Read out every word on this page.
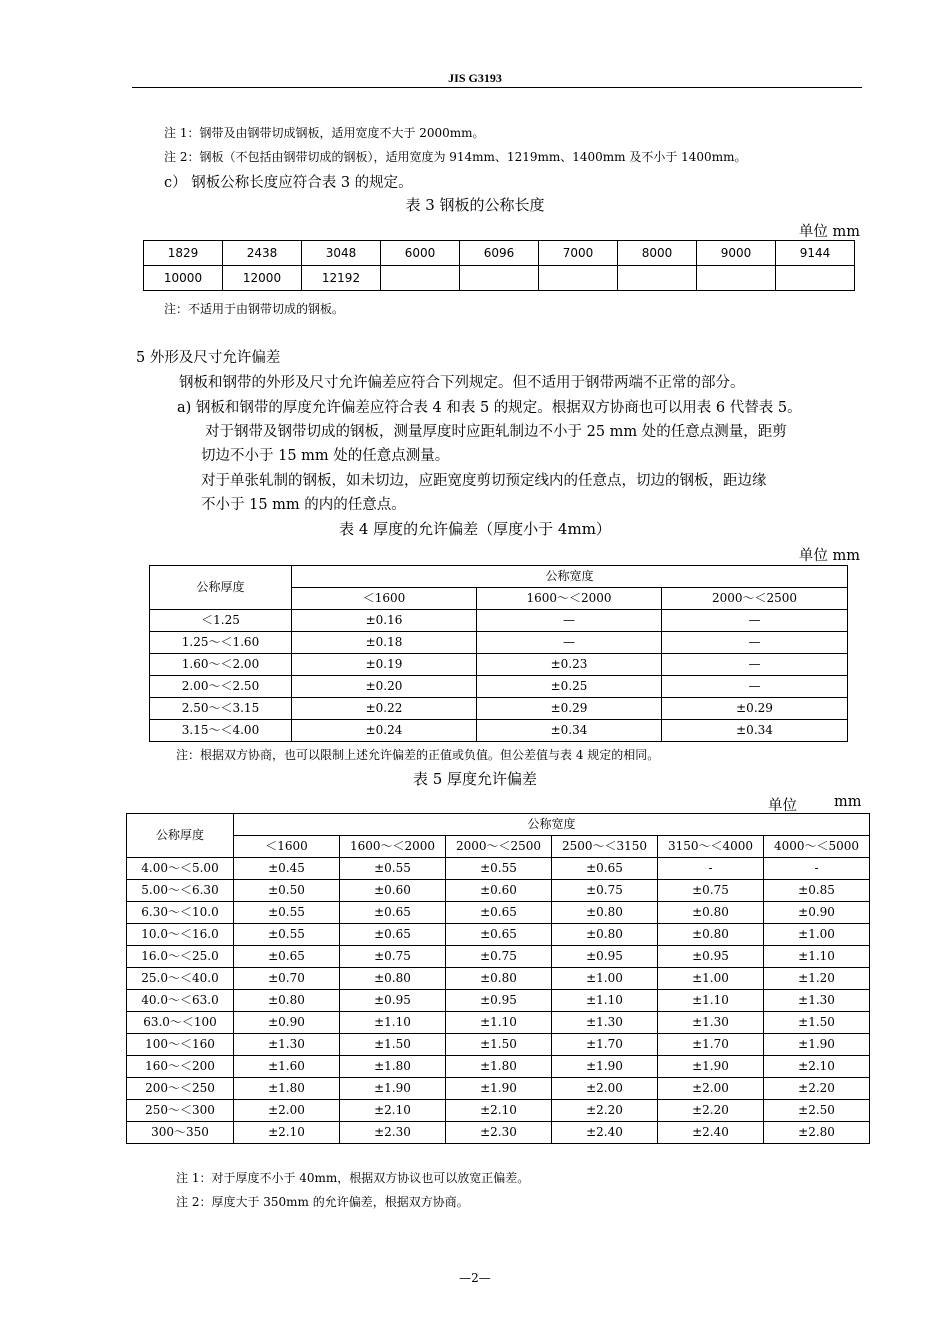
JIS G3193
注 1：钢带及由钢带切成钢板，适用宽度不大于 2000mm。
注 2：钢板（不包括由钢带切成的钢板），适用宽度为 914mm、1219mm、1400mm 及不小于 1400mm。
c） 钢板公称长度应符合表 3 的规定。
表 3 钢板的公称长度
单位 mm
1829	2438	3048	6000	6096	7000	8000	9000	9144
10000	12000	12192						
注：不适用于由钢带切成的钢板。
5 外形及尺寸允许偏差
钢板和钢带的外形及尺寸允许偏差应符合下列规定。但不适用于钢带两端不正常的部分。
a) 钢板和钢带的厚度允许偏差应符合表 4 和表 5 的规定。根据双方协商也可以用表 6 代替表 5。
对于钢带及钢带切成的钢板，测量厚度时应距轧制边不小于 25 mm 处的任意点测量，距剪
切边不小于 15 mm 处的任意点测量。
对于单张轧制的钢板，如未切边，应距宽度剪切预定线内的任意点，切边的钢板，距边缘
不小于 15 mm 的内的任意点。
表 4 厚度的允许偏差（厚度小于 4mm）
单位 mm
公称厚度	公称宽度		
	＜1600	1600～＜2000	2000～＜2500
＜1.25	±0.16	—	—
1.25～＜1.60	±0.18	—	—
1.60～＜2.00	±0.19	±0.23	—
2.00～＜2.50	±0.20	±0.25	—
2.50～＜3.15	±0.22	±0.29	±0.29
3.15～＜4.00	±0.24	±0.34	±0.34
注：根据双方协商，也可以限制上述允许偏差的正值或负值。但公差值与表 4 规定的相同。
表 5 厚度允许偏差
单位	mm
公称厚度	公称宽度					
	＜1600	1600～＜2000	2000～＜2500	2500～＜3150	3150～＜4000	4000～＜5000
4.00～＜5.00	±0.45	±0.55	±0.55	±0.65	-	-
5.00～＜6.30	±0.50	±0.60	±0.60	±0.75	±0.75	±0.85
6.30～＜10.0	±0.55	±0.65	±0.65	±0.80	±0.80	±0.90
10.0～＜16.0	±0.55	±0.65	±0.65	±0.80	±0.80	±1.00
16.0～＜25.0	±0.65	±0.75	±0.75	±0.95	±0.95	±1.10
25.0～＜40.0	±0.70	±0.80	±0.80	±1.00	±1.00	±1.20
40.0～＜63.0	±0.80	±0.95	±0.95	±1.10	±1.10	±1.30
63.0～＜100	±0.90	±1.10	±1.10	±1.30	±1.30	±1.50
100～＜160	±1.30	±1.50	±1.50	±1.70	±1.70	±1.90
160～＜200	±1.60	±1.80	±1.80	±1.90	±1.90	±2.10
200～＜250	±1.80	±1.90	±1.90	±2.00	±2.00	±2.20
250～＜300	±2.00	±2.10	±2.10	±2.20	±2.20	±2.50
300～350	±2.10	±2.30	±2.30	±2.40	±2.40	±2.80
注 1：对于厚度不小于 40mm，根据双方协议也可以放宽正偏差。
注 2：厚度大于 350mm 的允许偏差，根据双方协商。
—2—
